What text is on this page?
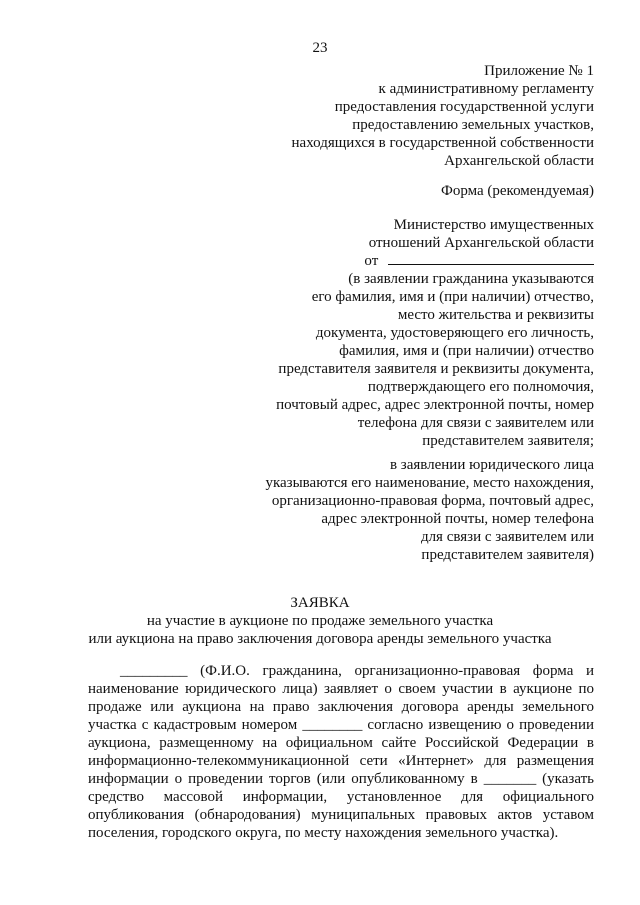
23
Приложение № 1
к административному регламенту
предоставления государственной услуги
предоставлению земельных участков,
находящихся в государственной собственности
Архангельской области
Форма (рекомендуемая)
Министерство имущественных
отношений Архангельской области
от
(в заявлении гражданина указываются
его фамилия, имя и (при наличии) отчество,
место жительства и реквизиты
документа, удостоверяющего его личность,
фамилия, имя и (при наличии) отчество
представителя заявителя и реквизиты документа,
подтверждающего его полномочия,
почтовый адрес, адрес электронной почты, номер
телефона для связи с заявителем или
представителем заявителя;
в заявлении юридического лица
указываются его наименование, место нахождения,
организационно-правовая форма, почтовый адрес,
адрес электронной почты, номер телефона
для связи с заявителем или
представителем заявителя)
ЗАЯВКА
на участие в аукционе по продаже земельного участка
или аукциона на право заключения договора аренды земельного участка
_________ (Ф.И.О. гражданина, организационно-правовая форма и
наименование юридического лица) заявляет о своем участии в аукционе по
продаже или аукциона на право заключения договора аренды земельного
участка с кадастровым номером ________ согласно извещению о проведении
аукциона, размещенному на официальном сайте Российской Федерации в
информационно-телекоммуникационной сети «Интернет» для размещения
информации о проведении торгов (или опубликованному в _______ (указать
средство массовой информации, установленное для официального
опубликования (обнародования) муниципальных правовых актов уставом
поселения, городского округа, по месту нахождения земельного участка).
